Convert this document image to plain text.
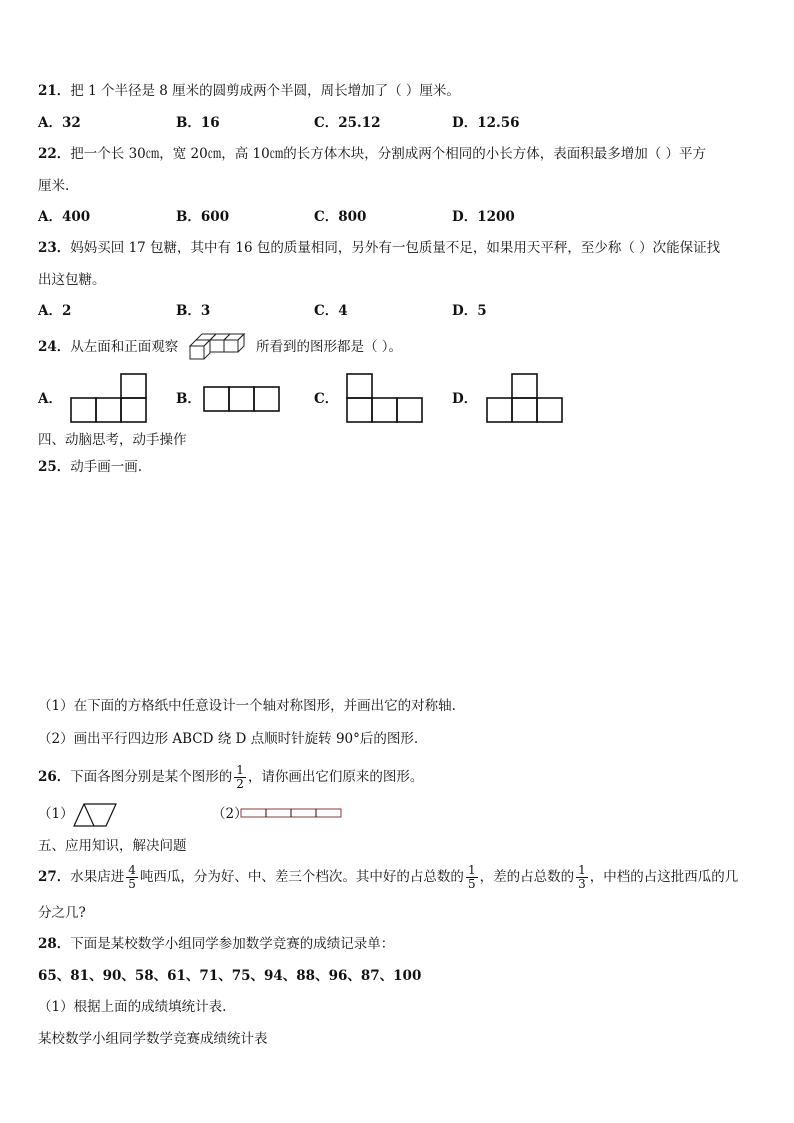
21．把 1 个半径是 8 厘米的圆剪成两个半圆，周长增加了（ ）厘米。
A．32	B．16	C．25.12	D．12.56
22．把一个长 30㎝，宽 20㎝，高 10㎝的长方体木块，分割成两个相同的小长方体，表面积最多增加（ ）平方
厘米.
A．400	B．600	C．800	D．1200
23．妈妈买回 17 包糖，其中有 16 包的质量相同，另外有一包质量不足，如果用天平秤，至少称（ ）次能保证找
出这包糖。
A．2	B．3	C．4	D．5
24．从左面和正面观察	所看到的图形都是（ ）。
A．	B．	C．	D．
四、动脑思考，动手操作
25．动手画一画.
（1）在下面的方格纸中任意设计一个轴对称图形，并画出它的对称轴.
（2）画出平行四边形 ABCD 绕 D 点顺时针旋转 90°后的图形.
26．下面各图分别是某个图形的 $\frac{1}{2}$ ，请你画出它们原来的图形。
（1）	（2）
五、应用知识，解决问题
27．水果店进 $\frac{4}{5}$ 吨西瓜，分为好、中、差三个档次。其中好的占总数的 $\frac{1}{5}$ ，差的占总数的 $\frac{1}{3}$ ，中档的占这批西瓜的几
分之几?
28．下面是某校数学小组同学参加数学竞赛的成绩记录单：
65、81、90、58、61、71、75、94、88、96、87、100
（1）根据上面的成绩填统计表.
某校数学小组同学数学竞赛成绩统计表
